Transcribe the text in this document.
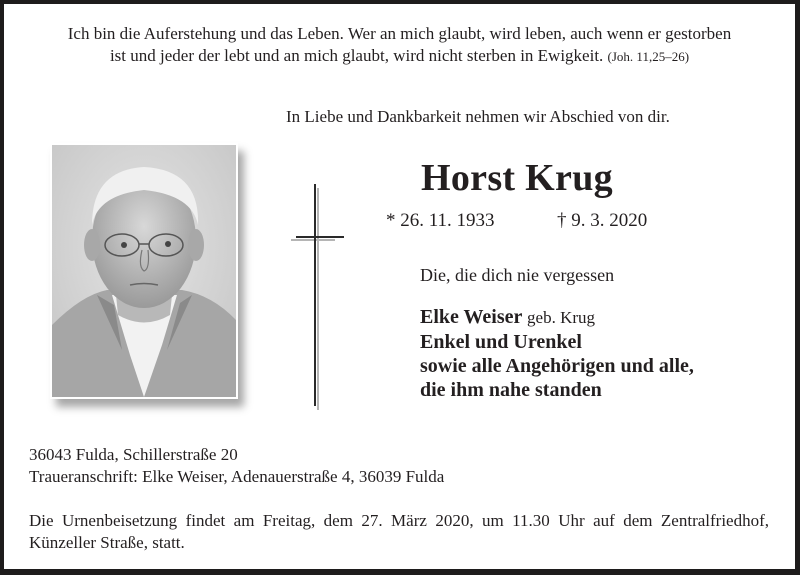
Ich bin die Auferstehung und das Leben. Wer an mich glaubt, wird leben, auch wenn er gestorben
ist und jeder der lebt und an mich glaubt, wird nicht sterben in Ewigkeit. (Joh. 11,25–26)
In Liebe und Dankbarkeit nehmen wir Abschied von dir.
Horst Krug
* 26. 11. 1933	† 9. 3. 2020
Die, die dich nie vergessen
Elke Weiser geb. Krug
Enkel und Urenkel
sowie alle Angehörigen und alle,
die ihm nahe standen
36043 Fulda, Schillerstraße 20
Traueranschrift: Elke Weiser, Adenauerstraße 4, 36039 Fulda
Die Urnenbeisetzung findet am Freitag, dem 27. März 2020, um 11.30 Uhr auf dem Zentralfriedhof, Künzeller Straße, statt.
